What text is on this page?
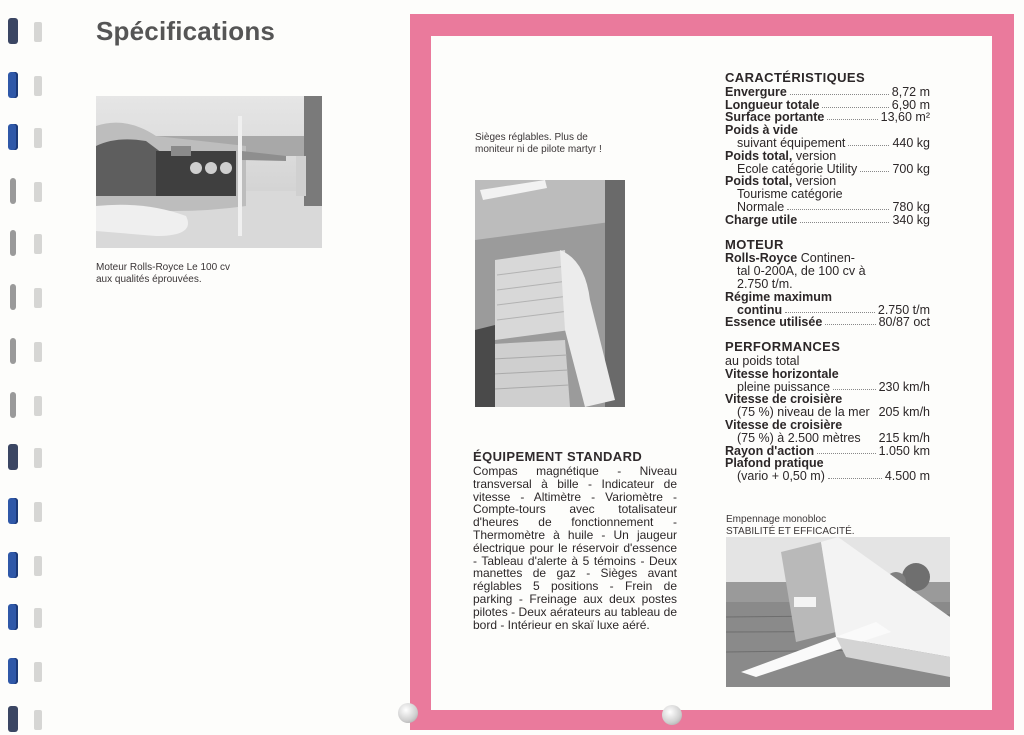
Spécifications
Moteur Rolls-Royce Le 100 cv aux qualités éprouvées.
Sièges réglables. Plus de moniteur ni de pilote martyr !
ÉQUIPEMENT STANDARD
Compas magnétique - Niveau transversal à bille - Indicateur de vitesse - Altimètre - Variomètre - Compte-tours avec totalisateur d'heures de fonctionnement - Thermomètre à huile - Un jaugeur électrique pour le réservoir d'essence - Tableau d'alerte à 5 témoins - Deux manettes de gaz - Sièges avant réglables 5 positions - Frein de parking - Freinage aux deux postes pilotes - Deux aérateurs au tableau de bord - Intérieur en skaï luxe aéré.
CARACTÉRISTIQUES
Envergure	8,72 m
Longueur totale	6,90 m
Surface portante	13,60 m²
Poids à vide
suivant équipement	440 kg
Poids total, version
Ecole catégorie Utility	700 kg
Poids total, version
Tourisme catégorie
Normale	780 kg
Charge utile	340 kg
MOTEUR
Rolls-Royce Continen-
tal 0-200A, de 100 cv à
2.750 t/m.
Régime maximum
continu	2.750 t/m
Essence utilisée	80/87 oct
PERFORMANCES
au poids total
Vitesse horizontale
pleine puissance	230 km/h
Vitesse de croisière
(75 %) niveau de la mer 205 km/h
Vitesse de croisière
(75 %) à 2.500 mètres 215 km/h
Rayon d'action	1.050 km
Plafond pratique
(vario + 0,50 m)	4.500 m
Empennage monobloc
STABILITÉ ET EFFICACITÉ.
